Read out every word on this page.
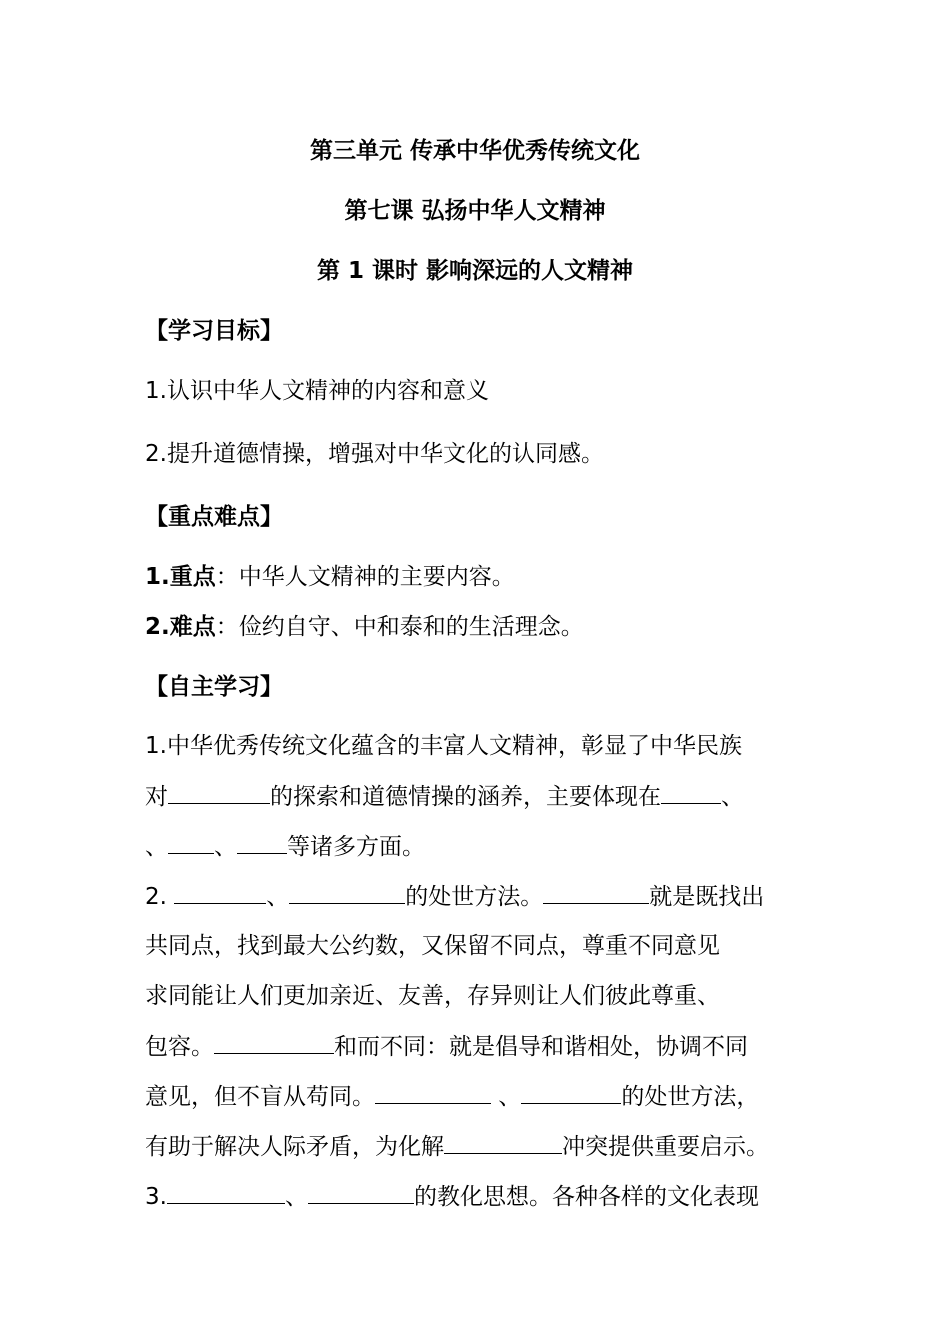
第三单元 传承中华优秀传统文化
第七课 弘扬中华人文精神
第 1 课时 影响深远的人文精神
【学习目标】
1.认识中华人文精神的内容和意义
2.提升道德情操，增强对中华文化的认同感。
【重点难点】
1.重点：中华人文精神的主要内容。
2.难点：俭约自守、中和泰和的生活理念。
【自主学习】
1.中华优秀传统文化蕴含的丰富人文精神，彰显了中华民族
对	的探索和道德情操的涵养，主要体现在	、
、 、 等诸多方面。
2.	、	的处世方法。	就是既找出
共同点，找到最大公约数，又保留不同点，尊重不同意见
求同能让人们更加亲近、友善，存异则让人们彼此尊重、
包容。	和而不同：就是倡导和谐相处，协调不同
意见，但不盲从苟同。	、	的处世方法，
有助于解决人际矛盾，为化解	冲突提供重要启示。
3.	、	的教化思想。各种各样的文化表现
